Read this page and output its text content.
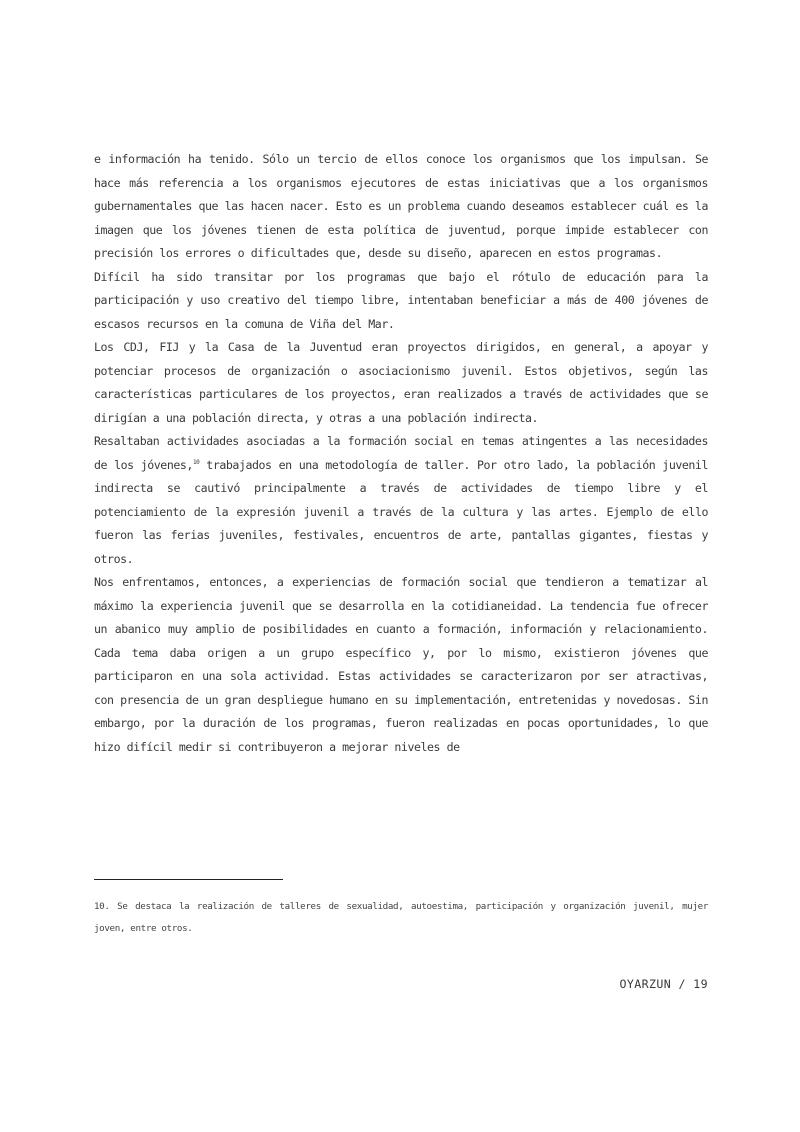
e información ha tenido. Sólo un tercio de ellos conoce los organismos que los impulsan. Se hace más referencia a los organismos ejecutores de estas iniciativas que a los organismos gubernamentales que las hacen nacer. Esto es un problema cuando deseamos establecer cuál es la imagen que los jóvenes tienen de esta política de juventud, porque impide establecer con precisión los errores o dificultades que, desde su diseño, aparecen en estos programas.

Difícil ha sido transitar por los programas que bajo el rótulo de educación para la participación y uso creativo del tiempo libre, intentaban beneficiar a más de 400 jóvenes de escasos recursos en la comuna de Viña del Mar.

Los CDJ, FIJ y la Casa de la Juventud eran proyectos dirigidos, en general, a apoyar y potenciar procesos de organización o asociacionismo juvenil. Estos objetivos, según las características particulares de los proyectos, eran realizados a través de actividades que se dirigían a una población directa, y otras a una población indirecta.

Resaltaban actividades asociadas a la formación social en temas atingentes a las necesidades de los jóvenes,$^{10}$ trabajados en una metodología de taller. Por otro lado, la población juvenil indirecta se cautivó principalmente a través de actividades de tiempo libre y el potenciamiento de la expresión juvenil a través de la cultura y las artes. Ejemplo de ello fueron las ferias juveniles, festivales, encuentros de arte, pantallas gigantes, fiestas y otros.

Nos enfrentamos, entonces, a experiencias de formación social que tendieron a tematizar al máximo la experiencia juvenil que se desarrolla en la cotidianeidad. La tendencia fue ofrecer un abanico muy amplio de posibilidades en cuanto a formación, información y relacionamiento. Cada tema daba origen a un grupo específico y, por lo mismo, existieron jóvenes que participaron en una sola actividad. Estas actividades se caracterizaron por ser atractivas, con presencia de un gran despliegue humano en su implementación, entretenidas y novedosas. Sin embargo, por la duración de los programas, fueron realizadas en pocas oportunidades, lo que hizo difícil medir si contribuyeron a mejorar niveles de

10. Se destaca la realización de talleres de sexualidad, autoestima, participación y organización juvenil, mujer joven, entre otros.
OYARZUN / 19
